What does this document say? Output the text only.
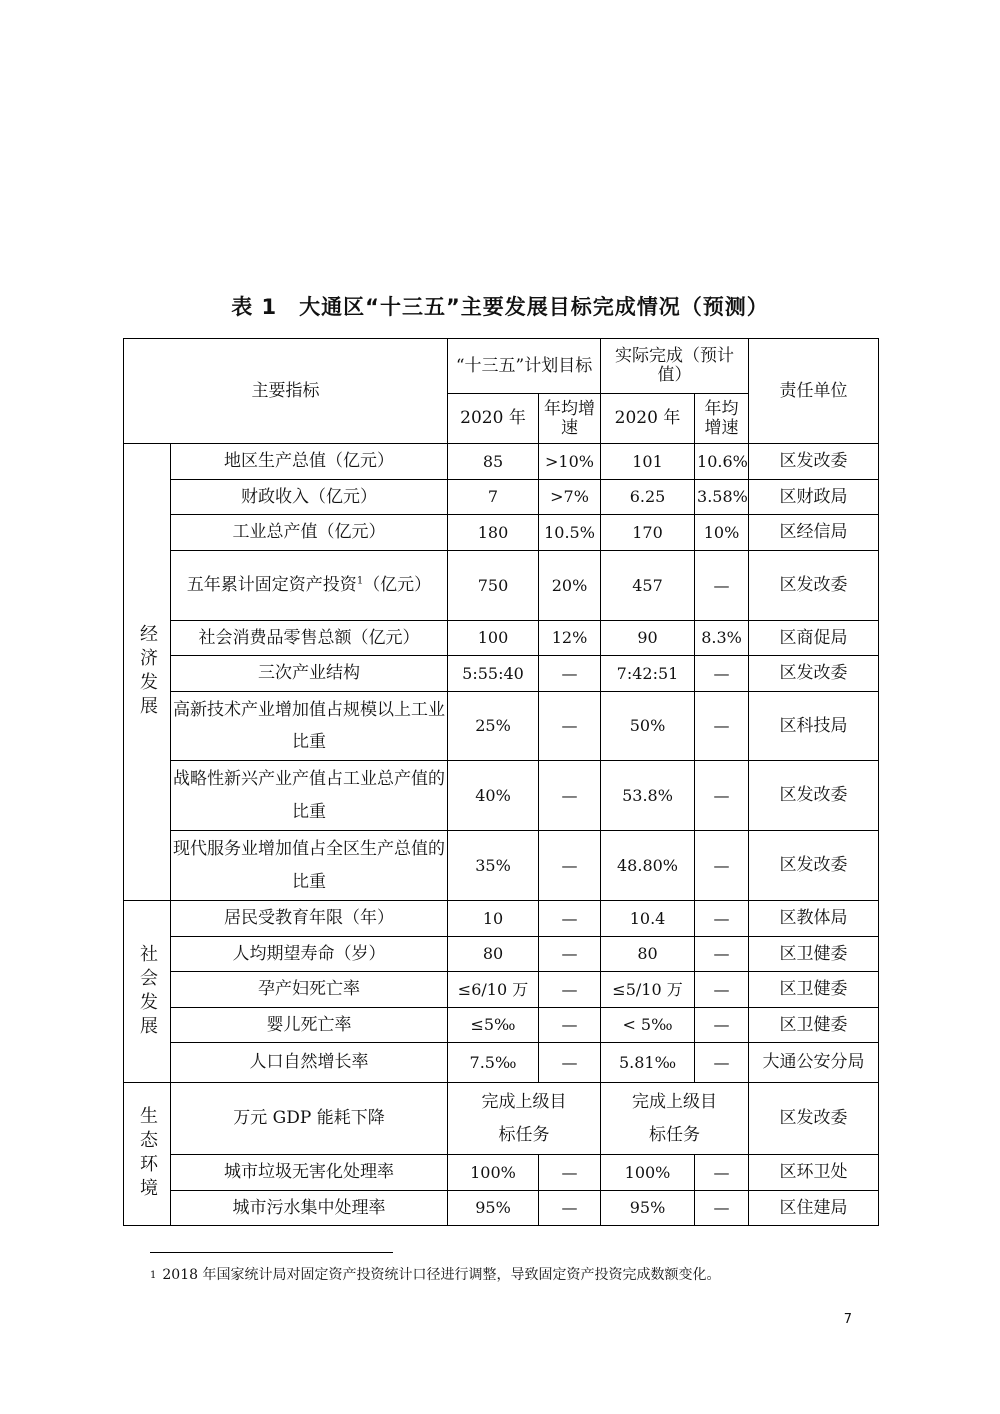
表 1　大通区“十三五”主要发展目标完成情况（预测）
主要指标		“十三五”计划目标		实际完成（预计值）		责任单位
		2020 年	年均增速	2020 年	年均增速	
经济发展	地区生产总值（亿元）	85	>10%	101	10.6%	区发改委
	财政收入（亿元）	7	>7%	6.25	3.58%	区财政局
	工业总产值（亿元）	180	10.5%	170	10%	区经信局
	五年累计固定资产投资$^1$（亿元）	750	20%	457	—	区发改委
	社会消费品零售总额（亿元）	100	12%	90	8.3%	区商促局
	三次产业结构	5:55:40	—	7:42:51	—	区发改委
	高新技术产业增加值占规模以上工业比重	25%	—	50%	—	区科技局
	战略性新兴产业产值占工业总产值的比重	40%	—	53.8%	—	区发改委
	现代服务业增加值占全区生产总值的比重	35%	—	48.80%	—	区发改委
社会发展	居民受教育年限（年）	10	—	10.4	—	区教体局
	人均期望寿命（岁）	80	—	80	—	区卫健委
	孕产妇死亡率	≤6/10 万	—	≤5/10 万	—	区卫健委
	婴儿死亡率	≤5‰	—	< 5‰	—	区卫健委
	人口自然增长率	7.5‰	—	5.81‰	—	大通公安分局
生态环境	万元 GDP 能耗下降	完成上级目标任务		完成上级目标任务		区发改委
	城市垃圾无害化处理率	100%	—	100%	—	区环卫处
	城市污水集中处理率	95%	—	95%	—	区住建局
$^1$ 2018 年国家统计局对固定资产投资统计口径进行调整，导致固定资产投资完成数额变化。
7
